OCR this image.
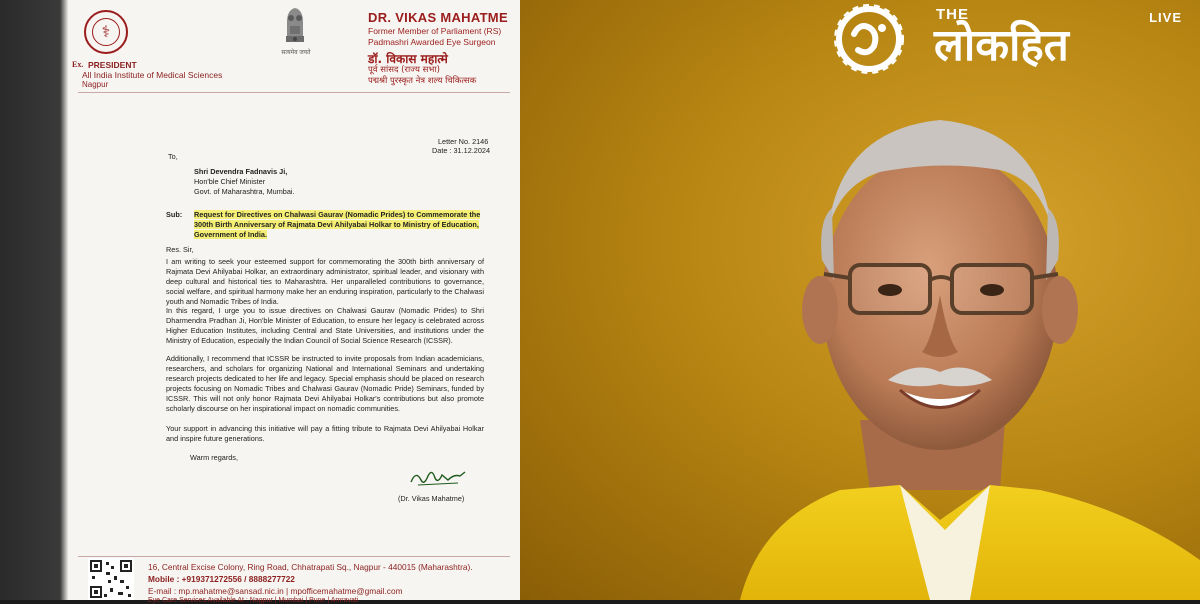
⚕
Ex. PRESIDENT
All India Institute of Medical Sciences
Nagpur
सत्यमेव जयते
DR. VIKAS MAHATME
Former Member of Parliament (RS)
Padmashri Awarded Eye Surgeon
डॉ. विकास महात्मे
पूर्व सांसद (राज्य सभा)
पद्मश्री पुरस्कृत नेत्र शल्य चिकित्सक
Letter No. 2146
Date : 31.12.2024
To,
Shri Devendra Fadnavis Ji,
Hon'ble Chief Minister
Govt. of Maharashtra, Mumbai.
Sub: Request for Directives on Chalwasi Gaurav (Nomadic Prides) to Commemorate the 300th Birth Anniversary of Rajmata Devi Ahilyabai Holkar to Ministry of Education, Government of India.
Res. Sir,
I am writing to seek your esteemed support for commemorating the 300th birth anniversary of Rajmata Devi Ahilyabai Holkar, an extraordinary administrator, spiritual leader, and visionary with deep cultural and historical ties to Maharashtra. Her unparalleled contributions to governance, social welfare, and spiritual harmony make her an enduring inspiration, particularly to the Chalwasi youth and Nomadic Tribes of India.
In this regard, I urge you to issue directives on Chalwasi Gaurav (Nomadic Prides) to Shri Dharmendra Pradhan Ji, Hon'ble Minister of Education, to ensure her legacy is celebrated across Higher Education Institutes, including Central and State Universities, and institutions under the Ministry of Education, especially the Indian Council of Social Science Research (ICSSR).
Additionally, I recommend that ICSSR be instructed to invite proposals from Indian academicians, researchers, and scholars for organizing National and International Seminars and undertaking research projects dedicated to her life and legacy. Special emphasis should be placed on research projects focusing on Nomadic Tribes and Chalwasi Gaurav (Nomadic Pride) Seminars, funded by ICSSR. This will not only honor Rajmata Devi Ahilyabai Holkar's contributions but also promote scholarly discourse on her inspirational impact on nomadic communities.
Your support in advancing this initiative will pay a fitting tribute to Rajmata Devi Ahilyabai Holkar and inspire future generations.
Warm regards,
(Dr. Vikas Mahatme)
16, Central Excise Colony, Ring Road, Chhatrapati Sq., Nagpur - 440015 (Maharashtra).
Mobile : +919371272556 / 8888277722
E-mail : mp.mahatme@sansad.nic.in | mpofficemahatme@gmail.com
Eye Care Services Available At : Nagpur | Mumbai | Pune | Amravati
THE
लोकहित
LIVE
